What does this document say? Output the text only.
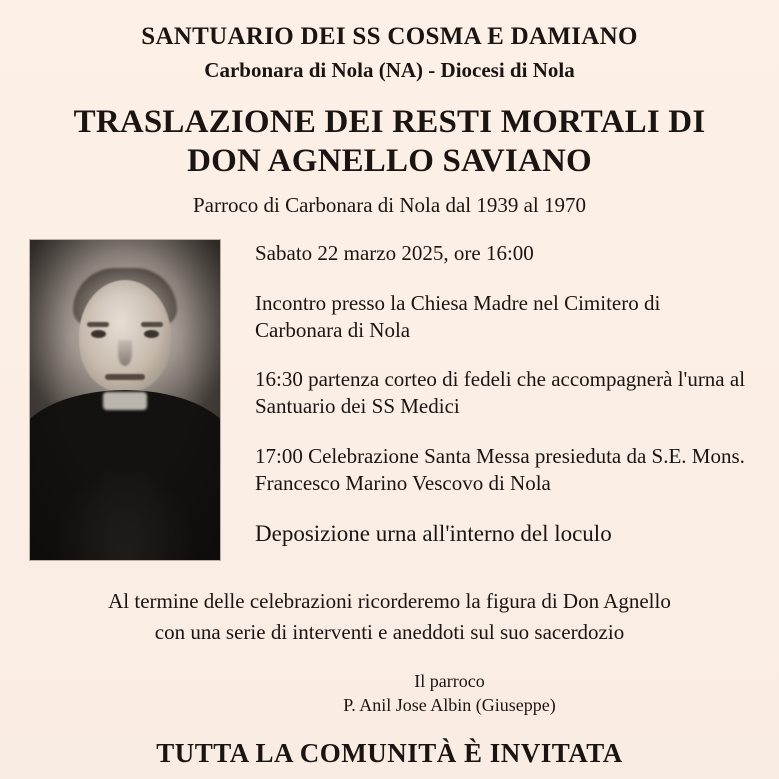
SANTUARIO DEI SS COSMA E DAMIANO
Carbonara di Nola (NA) - Diocesi di Nola
TRASLAZIONE DEI RESTI MORTALI DI
DON AGNELLO SAVIANO
Parroco di Carbonara di Nola dal 1939 al 1970
Sabato 22 marzo 2025, ore 16:00
Incontro presso la Chiesa Madre nel Cimitero di Carbonara di Nola
16:30 partenza corteo di fedeli che accompagnerà l'urna al Santuario dei SS Medici
17:00 Celebrazione Santa Messa presieduta da S.E. Mons. Francesco Marino Vescovo di Nola
Deposizione urna all'interno del loculo
Al termine delle celebrazioni ricorderemo la figura di Don Agnello
con una serie di interventi e aneddoti sul suo sacerdozio
Il parroco
P. Anil Jose Albin (Giuseppe)
TUTTA LA COMUNITÀ È INVITATA
